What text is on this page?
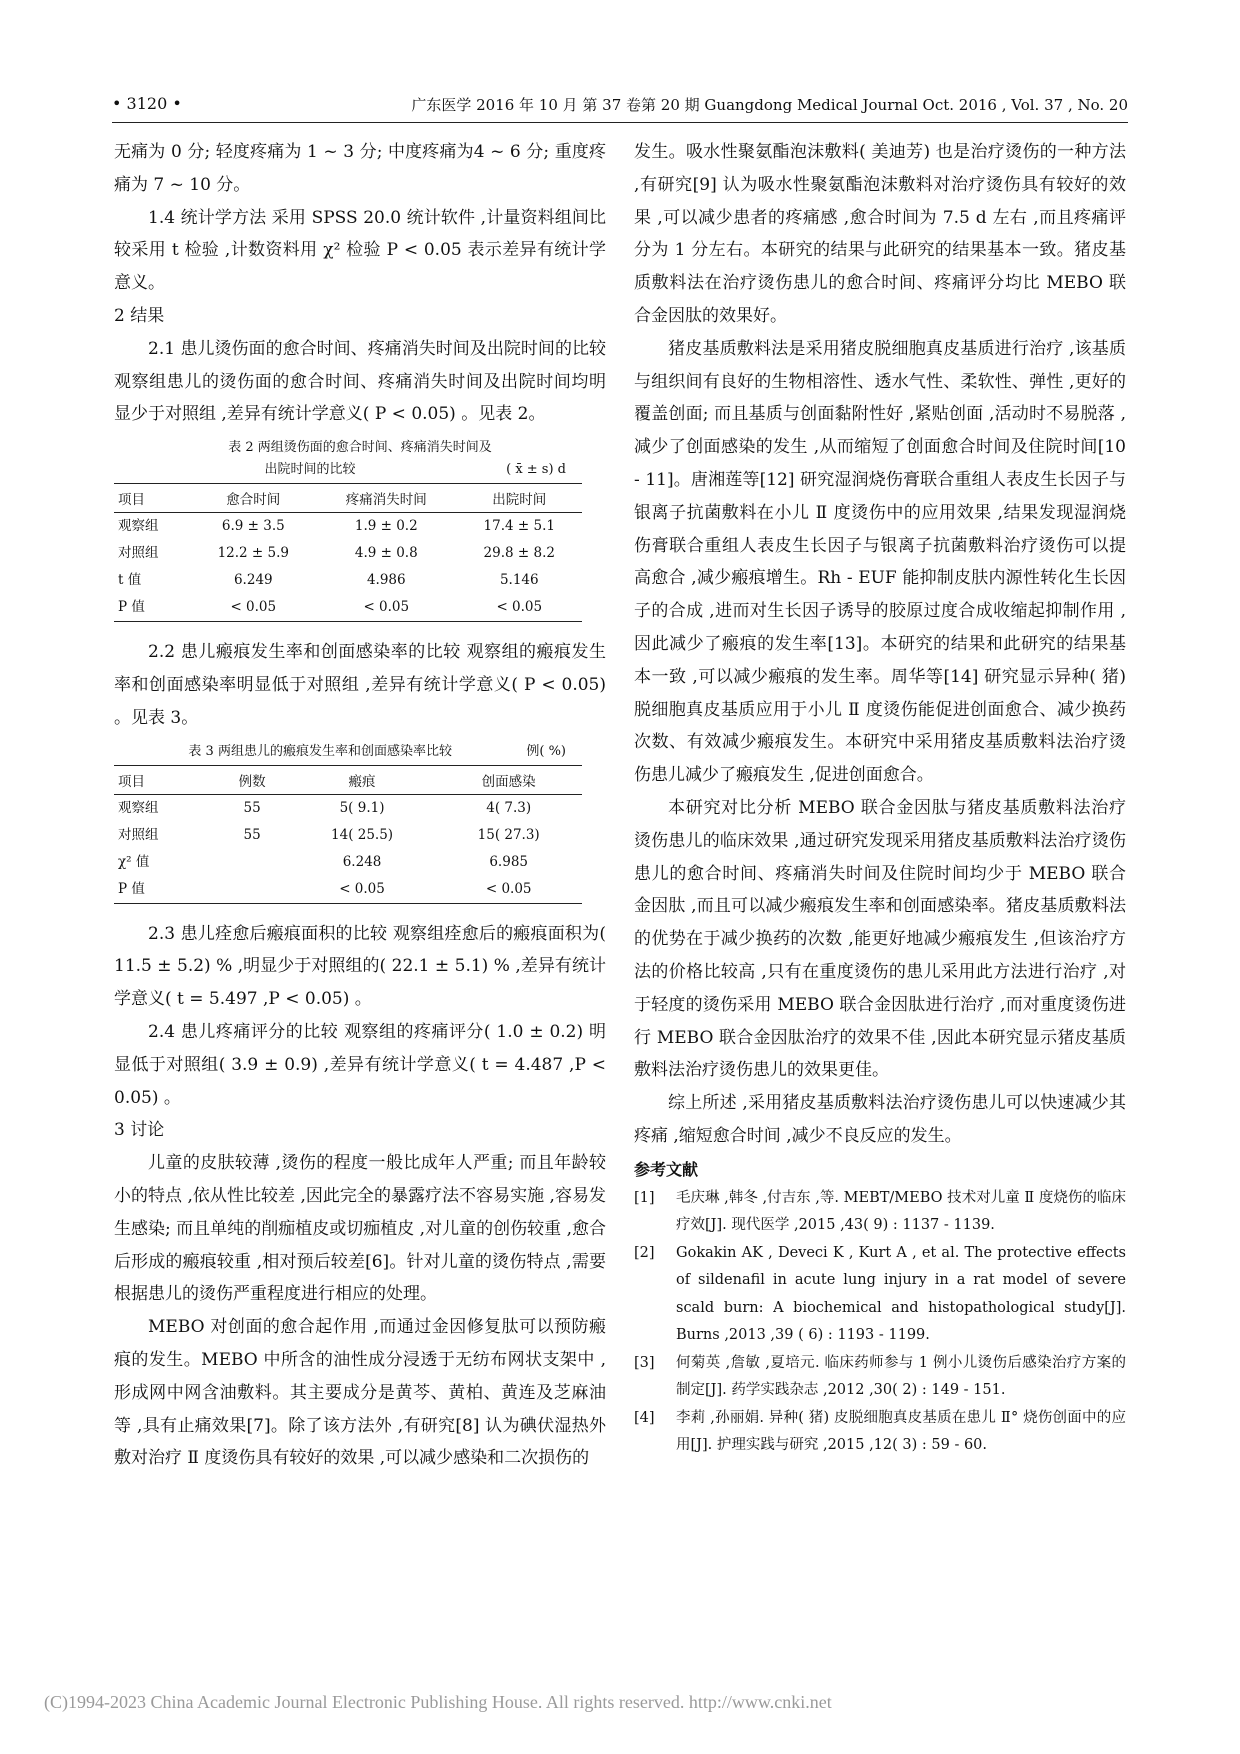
• 3120 •	广东医学 2016 年 10 月 第 37 卷第 20 期 Guangdong Medical Journal Oct. 2016 , Vol. 37 , No. 20

无痛为 0 分; 轻度疼痛为 1 ~ 3 分; 中度疼痛为4 ~ 6 分; 重度疼痛为 7 ~ 10 分。

1.4 统计学方法 采用 SPSS 20.0 统计软件 ,计量资料组间比较采用 t 检验 ,计数资料用 χ² 检验 P < 0.05 表示差异有统计学意义。

2 结果

2.1 患儿烫伤面的愈合时间、疼痛消失时间及出院时间的比较 观察组患儿的烫伤面的愈合时间、疼痛消失时间及出院时间均明显少于对照组 ,差异有统计学意义( P < 0.05) 。见表 2。

表 2 两组烫伤面的愈合时间、疼痛消失时间及
出院时间的比较	( x̄ ± s) d
项目	愈合时间	疼痛消失时间	出院时间
观察组	6.9 ± 3.5	1.9 ± 0.2	17.4 ± 5.1
对照组	12.2 ± 5.9	4.9 ± 0.8	29.8 ± 8.2
t 值	6.249	4.986	5.146
P 值	< 0.05	< 0.05	< 0.05

2.2 患儿瘢痕发生率和创面感染率的比较 观察组的瘢痕发生率和创面感染率明显低于对照组 ,差异有统计学意义( P < 0.05) 。见表 3。

表 3 两组患儿的瘢痕发生率和创面感染率比较	例( %)
项目	例数	瘢痕	创面感染
观察组	55	5( 9.1)	4( 7.3)
对照组	55	14( 25.5)	15( 27.3)
χ² 值		6.248	6.985
P 值		< 0.05	< 0.05

2.3 患儿痊愈后瘢痕面积的比较 观察组痊愈后的瘢痕面积为( 11.5 ± 5.2) % ,明显少于对照组的( 22.1 ± 5.1) % ,差异有统计学意义( t = 5.497 ,P < 0.05) 。

2.4 患儿疼痛评分的比较 观察组的疼痛评分( 1.0 ± 0.2) 明显低于对照组( 3.9 ± 0.9) ,差异有统计学意义( t = 4.487 ,P < 0.05) 。

3 讨论

儿童的皮肤较薄 ,烫伤的程度一般比成年人严重; 而且年龄较小的特点 ,依从性比较差 ,因此完全的暴露疗法不容易实施 ,容易发生感染; 而且单纯的削痂植皮或切痂植皮 ,对儿童的创伤较重 ,愈合后形成的瘢痕较重 ,相对预后较差[6]。针对儿童的烫伤特点 ,需要根据患儿的烫伤严重程度进行相应的处理。

MEBO 对创面的愈合起作用 ,而通过金因修复肽可以预防瘢痕的发生。MEBO 中所含的油性成分浸透于无纺布网状支架中 ,形成网中网含油敷料。其主要成分是黄芩、黄柏、黄连及芝麻油等 ,具有止痛效果[7]。除了该方法外 ,有研究[8] 认为碘伏湿热外敷对治疗 Ⅱ 度烫伤具有较好的效果 ,可以减少感染和二次损伤的

发生。吸水性聚氨酯泡沫敷料( 美迪芳) 也是治疗烫伤的一种方法 ,有研究[9] 认为吸水性聚氨酯泡沫敷料对治疗烫伤具有较好的效果 ,可以减少患者的疼痛感 ,愈合时间为 7.5 d 左右 ,而且疼痛评分为 1 分左右。本研究的结果与此研究的结果基本一致。猪皮基质敷料法在治疗烫伤患儿的愈合时间、疼痛评分均比 MEBO 联合金因肽的效果好。

猪皮基质敷料法是采用猪皮脱细胞真皮基质进行治疗 ,该基质与组织间有良好的生物相溶性、透水气性、柔软性、弹性 ,更好的覆盖创面; 而且基质与创面黏附性好 ,紧贴创面 ,活动时不易脱落 ,减少了创面感染的发生 ,从而缩短了创面愈合时间及住院时间[10 - 11]。唐湘莲等[12] 研究湿润烧伤膏联合重组人表皮生长因子与银离子抗菌敷料在小儿 Ⅱ 度烫伤中的应用效果 ,结果发现湿润烧伤膏联合重组人表皮生长因子与银离子抗菌敷料治疗烫伤可以提高愈合 ,减少瘢痕增生。Rh - EUF 能抑制皮肤内源性转化生长因子的合成 ,进而对生长因子诱导的胶原过度合成收缩起抑制作用 ,因此减少了瘢痕的发生率[13]。本研究的结果和此研究的结果基本一致 ,可以减少瘢痕的发生率。周华等[14] 研究显示异种( 猪) 脱细胞真皮基质应用于小儿 Ⅱ 度烫伤能促进创面愈合、减少换药次数、有效减少瘢痕发生。本研究中采用猪皮基质敷料法治疗烫伤患儿减少了瘢痕发生 ,促进创面愈合。

本研究对比分析 MEBO 联合金因肽与猪皮基质敷料法治疗烫伤患儿的临床效果 ,通过研究发现采用猪皮基质敷料法治疗烫伤患儿的愈合时间、疼痛消失时间及住院时间均少于 MEBO 联合金因肽 ,而且可以减少瘢痕发生率和创面感染率。猪皮基质敷料法的优势在于减少换药的次数 ,能更好地减少瘢痕发生 ,但该治疗方法的价格比较高 ,只有在重度烫伤的患儿采用此方法进行治疗 ,对于轻度的烫伤采用 MEBO 联合金因肽进行治疗 ,而对重度烫伤进行 MEBO 联合金因肽治疗的效果不佳 ,因此本研究显示猪皮基质敷料法治疗烫伤患儿的效果更佳。

综上所述 ,采用猪皮基质敷料法治疗烫伤患儿可以快速减少其疼痛 ,缩短愈合时间 ,减少不良反应的发生。

参考文献
[1]	毛庆琳 ,韩冬 ,付吉东 ,等. MEBT/MEBO 技术对儿童 Ⅱ 度烧伤的临床疗效[J]. 现代医学 ,2015 ,43( 9) : 1137 - 1139.
[2]	Gokakin AK , Deveci K , Kurt A , et al. The protective effects of sildenafil in acute lung injury in a rat model of severe scald burn: A biochemical and histopathological study[J]. Burns ,2013 ,39 ( 6) : 1193 - 1199.
[3]	何菊英 ,詹敏 ,夏培元. 临床药师参与 1 例小儿烫伤后感染治疗方案的制定[J]. 药学实践杂志 ,2012 ,30( 2) : 149 - 151.
[4]	李莉 ,孙丽娟. 异种( 猪) 皮脱细胞真皮基质在患儿 Ⅱ° 烧伤创面中的应用[J]. 护理实践与研究 ,2015 ,12( 3) : 59 - 60.
(C)1994-2023 China Academic Journal Electronic Publishing House. All rights reserved. http://www.cnki.net
